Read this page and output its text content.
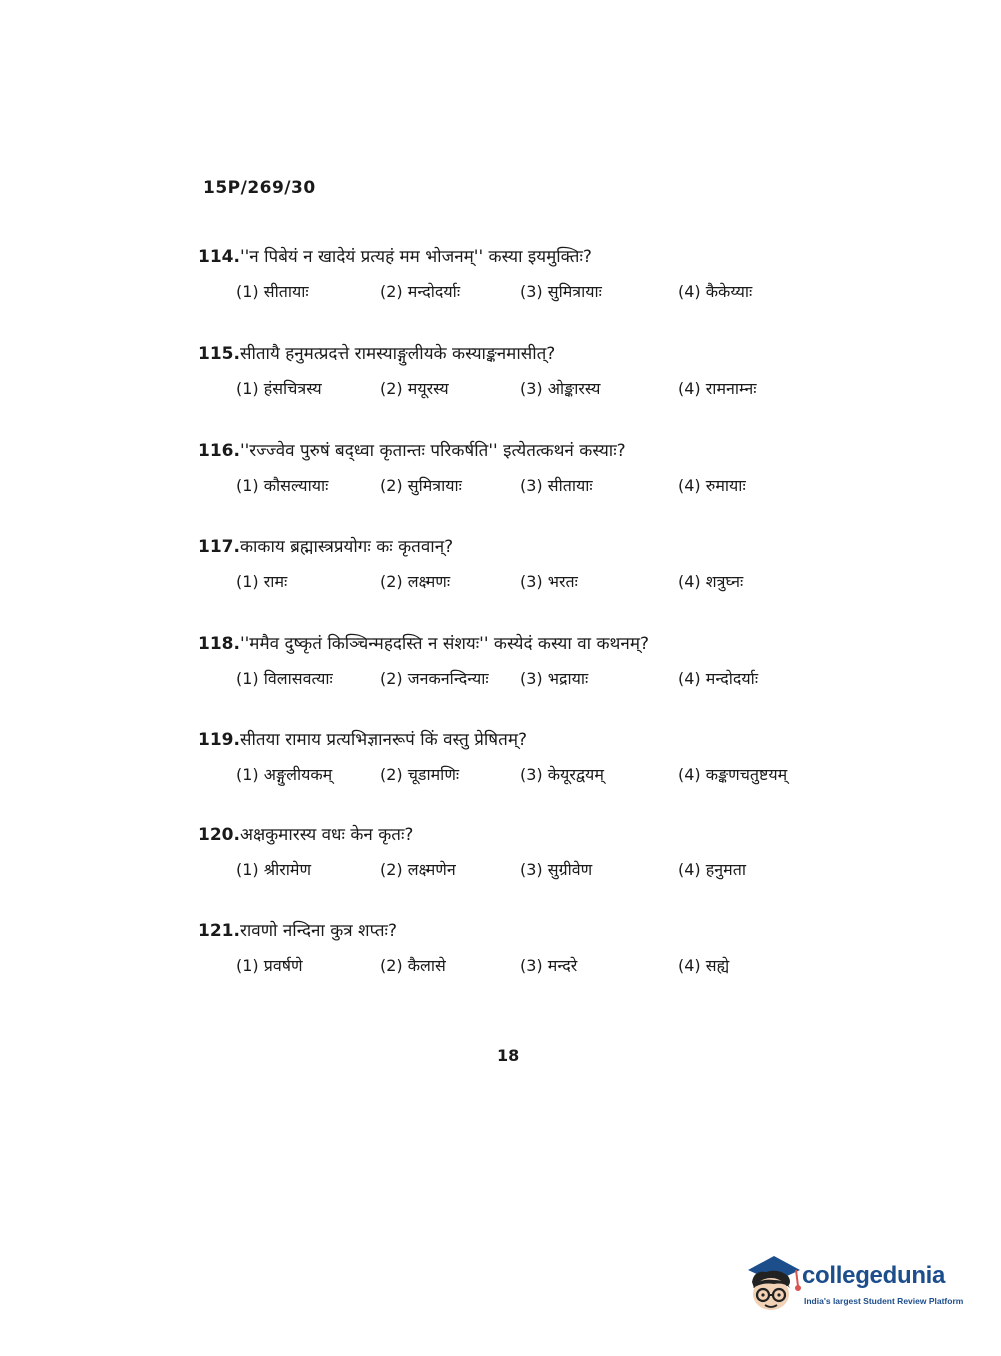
15P/269/30
114.''न पिबेयं न खादेयं प्रत्यहं मम भोजनम्'' कस्या इयमुक्तिः?
(1) सीतायाः	(2) मन्दोदर्याः	(3) सुमित्रायाः	(4) कैकेय्याः
115.सीतायै हनुमत्प्रदत्ते रामस्याङ्गुलीयके कस्याङ्कनमासीत्?
(1) हंसचित्रस्य	(2) मयूरस्य	(3) ओङ्कारस्य	(4) रामनाम्नः
116.''रज्ज्वेव पुरुषं बद्ध्वा कृतान्तः परिकर्षति'' इत्येतत्कथनं कस्याः?
(1) कौसल्यायाः	(2) सुमित्रायाः	(3) सीतायाः	(4) रुमायाः
117.काकाय ब्रह्मास्त्रप्रयोगः कः कृतवान्?
(1) रामः	(2) लक्ष्मणः	(3) भरतः	(4) शत्रुघ्नः
118.''ममैव दुष्कृतं किञ्चिन्महदस्ति न संशयः'' कस्येदं कस्या वा कथनम्?
(1) विलासवत्याः	(2) जनकनन्दिन्याः (3) भद्रायाः	(4) मन्दोदर्याः
119.सीतया रामाय प्रत्यभिज्ञानरूपं किं वस्तु प्रेषितम्?
(1) अङ्गुलीयकम्	(2) चूडामणिः	(3) केयूरद्वयम्	(4) कङ्कणचतुष्टयम्
120.अक्षकुमारस्य वधः केन कृतः?
(1) श्रीरामेण	(2) लक्ष्मणेन	(3) सुग्रीवेण	(4) हनुमता
121.रावणो नन्दिना कुत्र शप्तः?
(1) प्रवर्षणे	(2) कैलासे	(3) मन्दरे	(4) सह्ये
18
collegedunia
India's largest Student Review Platform
